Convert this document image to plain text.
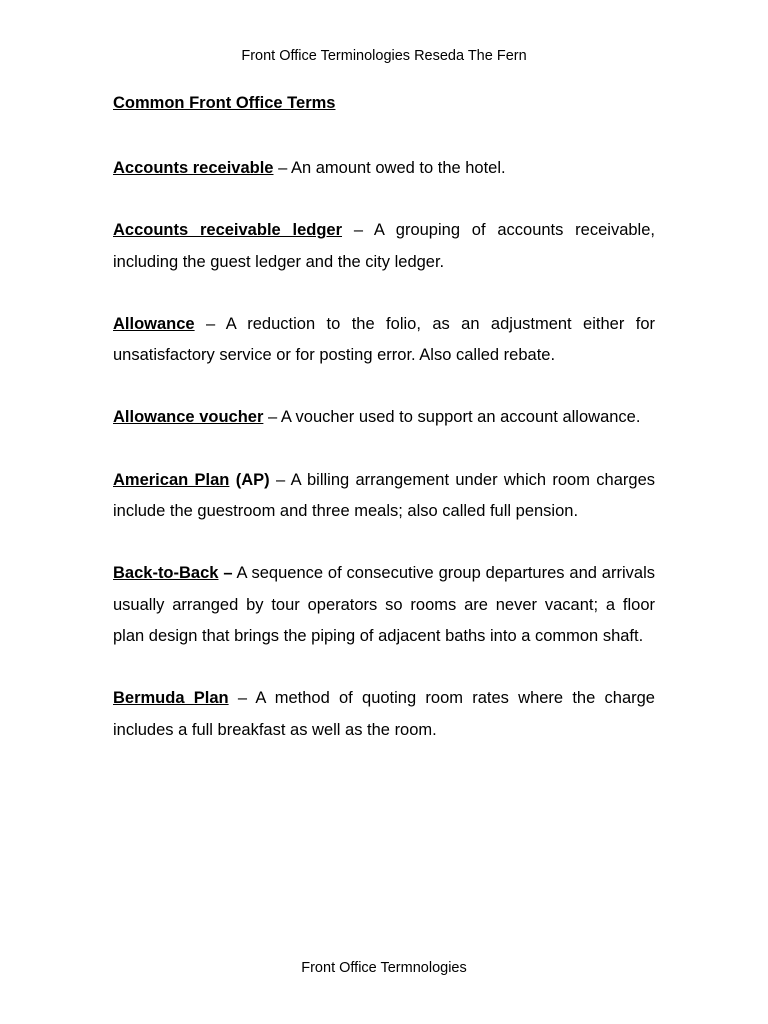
Front Office Terminologies Reseda The Fern

Common Front Office Terms

Accounts receivable – An amount owed to the hotel.

Accounts receivable ledger – A grouping of accounts receivable, including the guest ledger and the city ledger.

Allowance – A reduction to the folio, as an adjustment either for unsatisfactory service or for posting error. Also called rebate.

Allowance voucher – A voucher used to support an account allowance.

American Plan (AP) – A billing arrangement under which room charges include the guestroom and three meals; also called full pension.

Back-to-Back – A sequence of consecutive group departures and arrivals usually arranged by tour operators so rooms are never vacant; a floor plan design that brings the piping of adjacent baths into a common shaft.

Bermuda Plan – A method of quoting room rates where the charge includes a full breakfast as well as the room.

Front Office Termnologies
